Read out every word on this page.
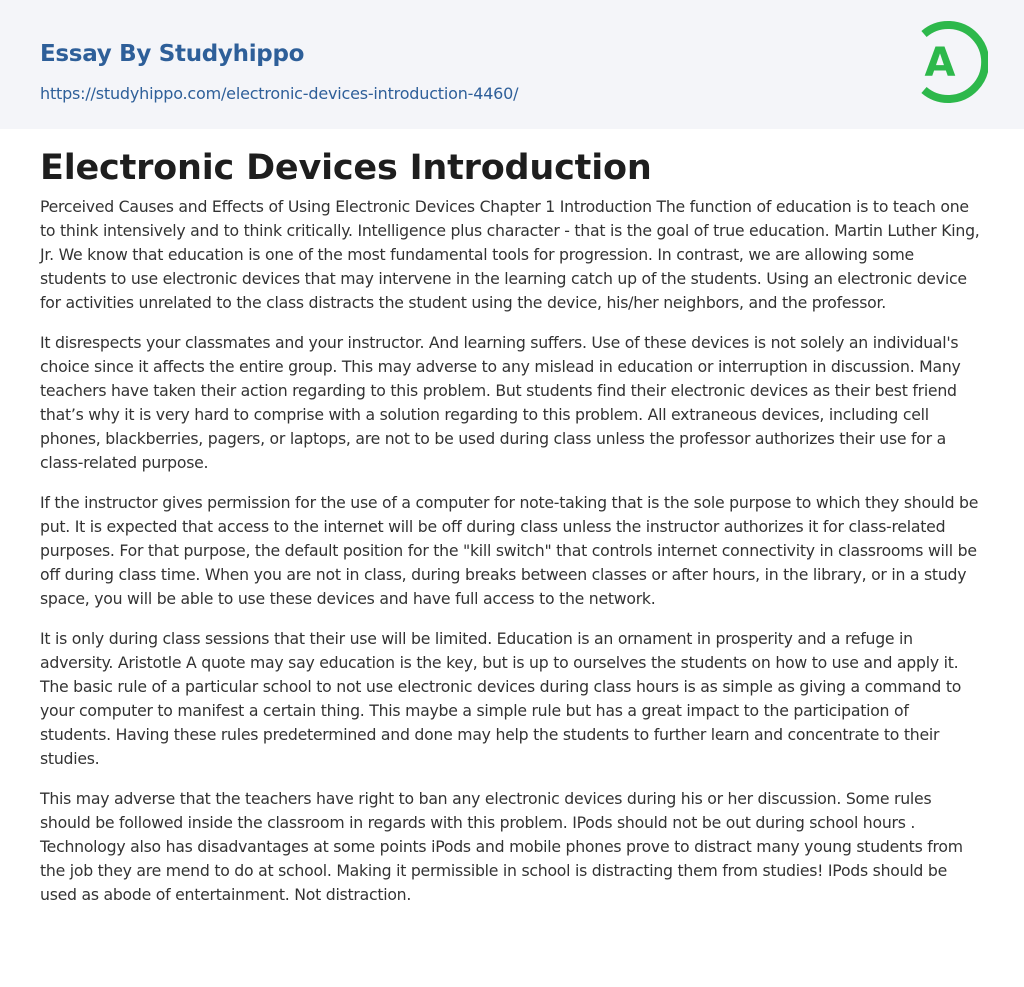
Essay By Studyhippo
https://studyhippo.com/electronic-devices-introduction-4460/
A
Electronic Devices Introduction

Perceived Causes and Effects of Using Electronic Devices Chapter 1 Introduction The function of education is to teach one to think intensively and to think critically. Intelligence plus character - that is the goal of true education. Martin Luther King, Jr. We know that education is one of the most fundamental tools for progression. In contrast, we are allowing some students to use electronic devices that may intervene in the learning catch up of the students. Using an electronic device for activities unrelated to the class distracts the student using the device, his/her neighbors, and the professor.

It disrespects your classmates and your instructor. And learning suffers. Use of these devices is not solely an individual's choice since it affects the entire group. This may adverse to any mislead in education or interruption in discussion. Many teachers have taken their action regarding to this problem. But students find their electronic devices as their best friend that’s why it is very hard to comprise with a solution regarding to this problem. All extraneous devices, including cell phones, blackberries, pagers, or laptops, are not to be used during class unless the professor authorizes their use for a class-related purpose.

If the instructor gives permission for the use of a computer for note-taking that is the sole purpose to which they should be put. It is expected that access to the internet will be off during class unless the instructor authorizes it for class-related purposes. For that purpose, the default position for the "kill switch" that controls internet connectivity in classrooms will be off during class time. When you are not in class, during breaks between classes or after hours, in the library, or in a study space, you will be able to use these devices and have full access to the network.

It is only during class sessions that their use will be limited. Education is an ornament in prosperity and a refuge in adversity. Aristotle A quote may say education is the key, but is up to ourselves the students on how to use and apply it. The basic rule of a particular school to not use electronic devices during class hours is as simple as giving a command to your computer to manifest a certain thing. This maybe a simple rule but has a great impact to the participation of students. Having these rules predetermined and done may help the students to further learn and concentrate to their studies.

This may adverse that the teachers have right to ban any electronic devices during his or her discussion. Some rules should be followed inside the classroom in regards with this problem. IPods should not be out during school hours . Technology also has disadvantages at some points iPods and mobile phones prove to distract many young students from the job they are mend to do at school. Making it permissible in school is distracting them from studies! IPods should be used as abode of entertainment. Not distraction.
